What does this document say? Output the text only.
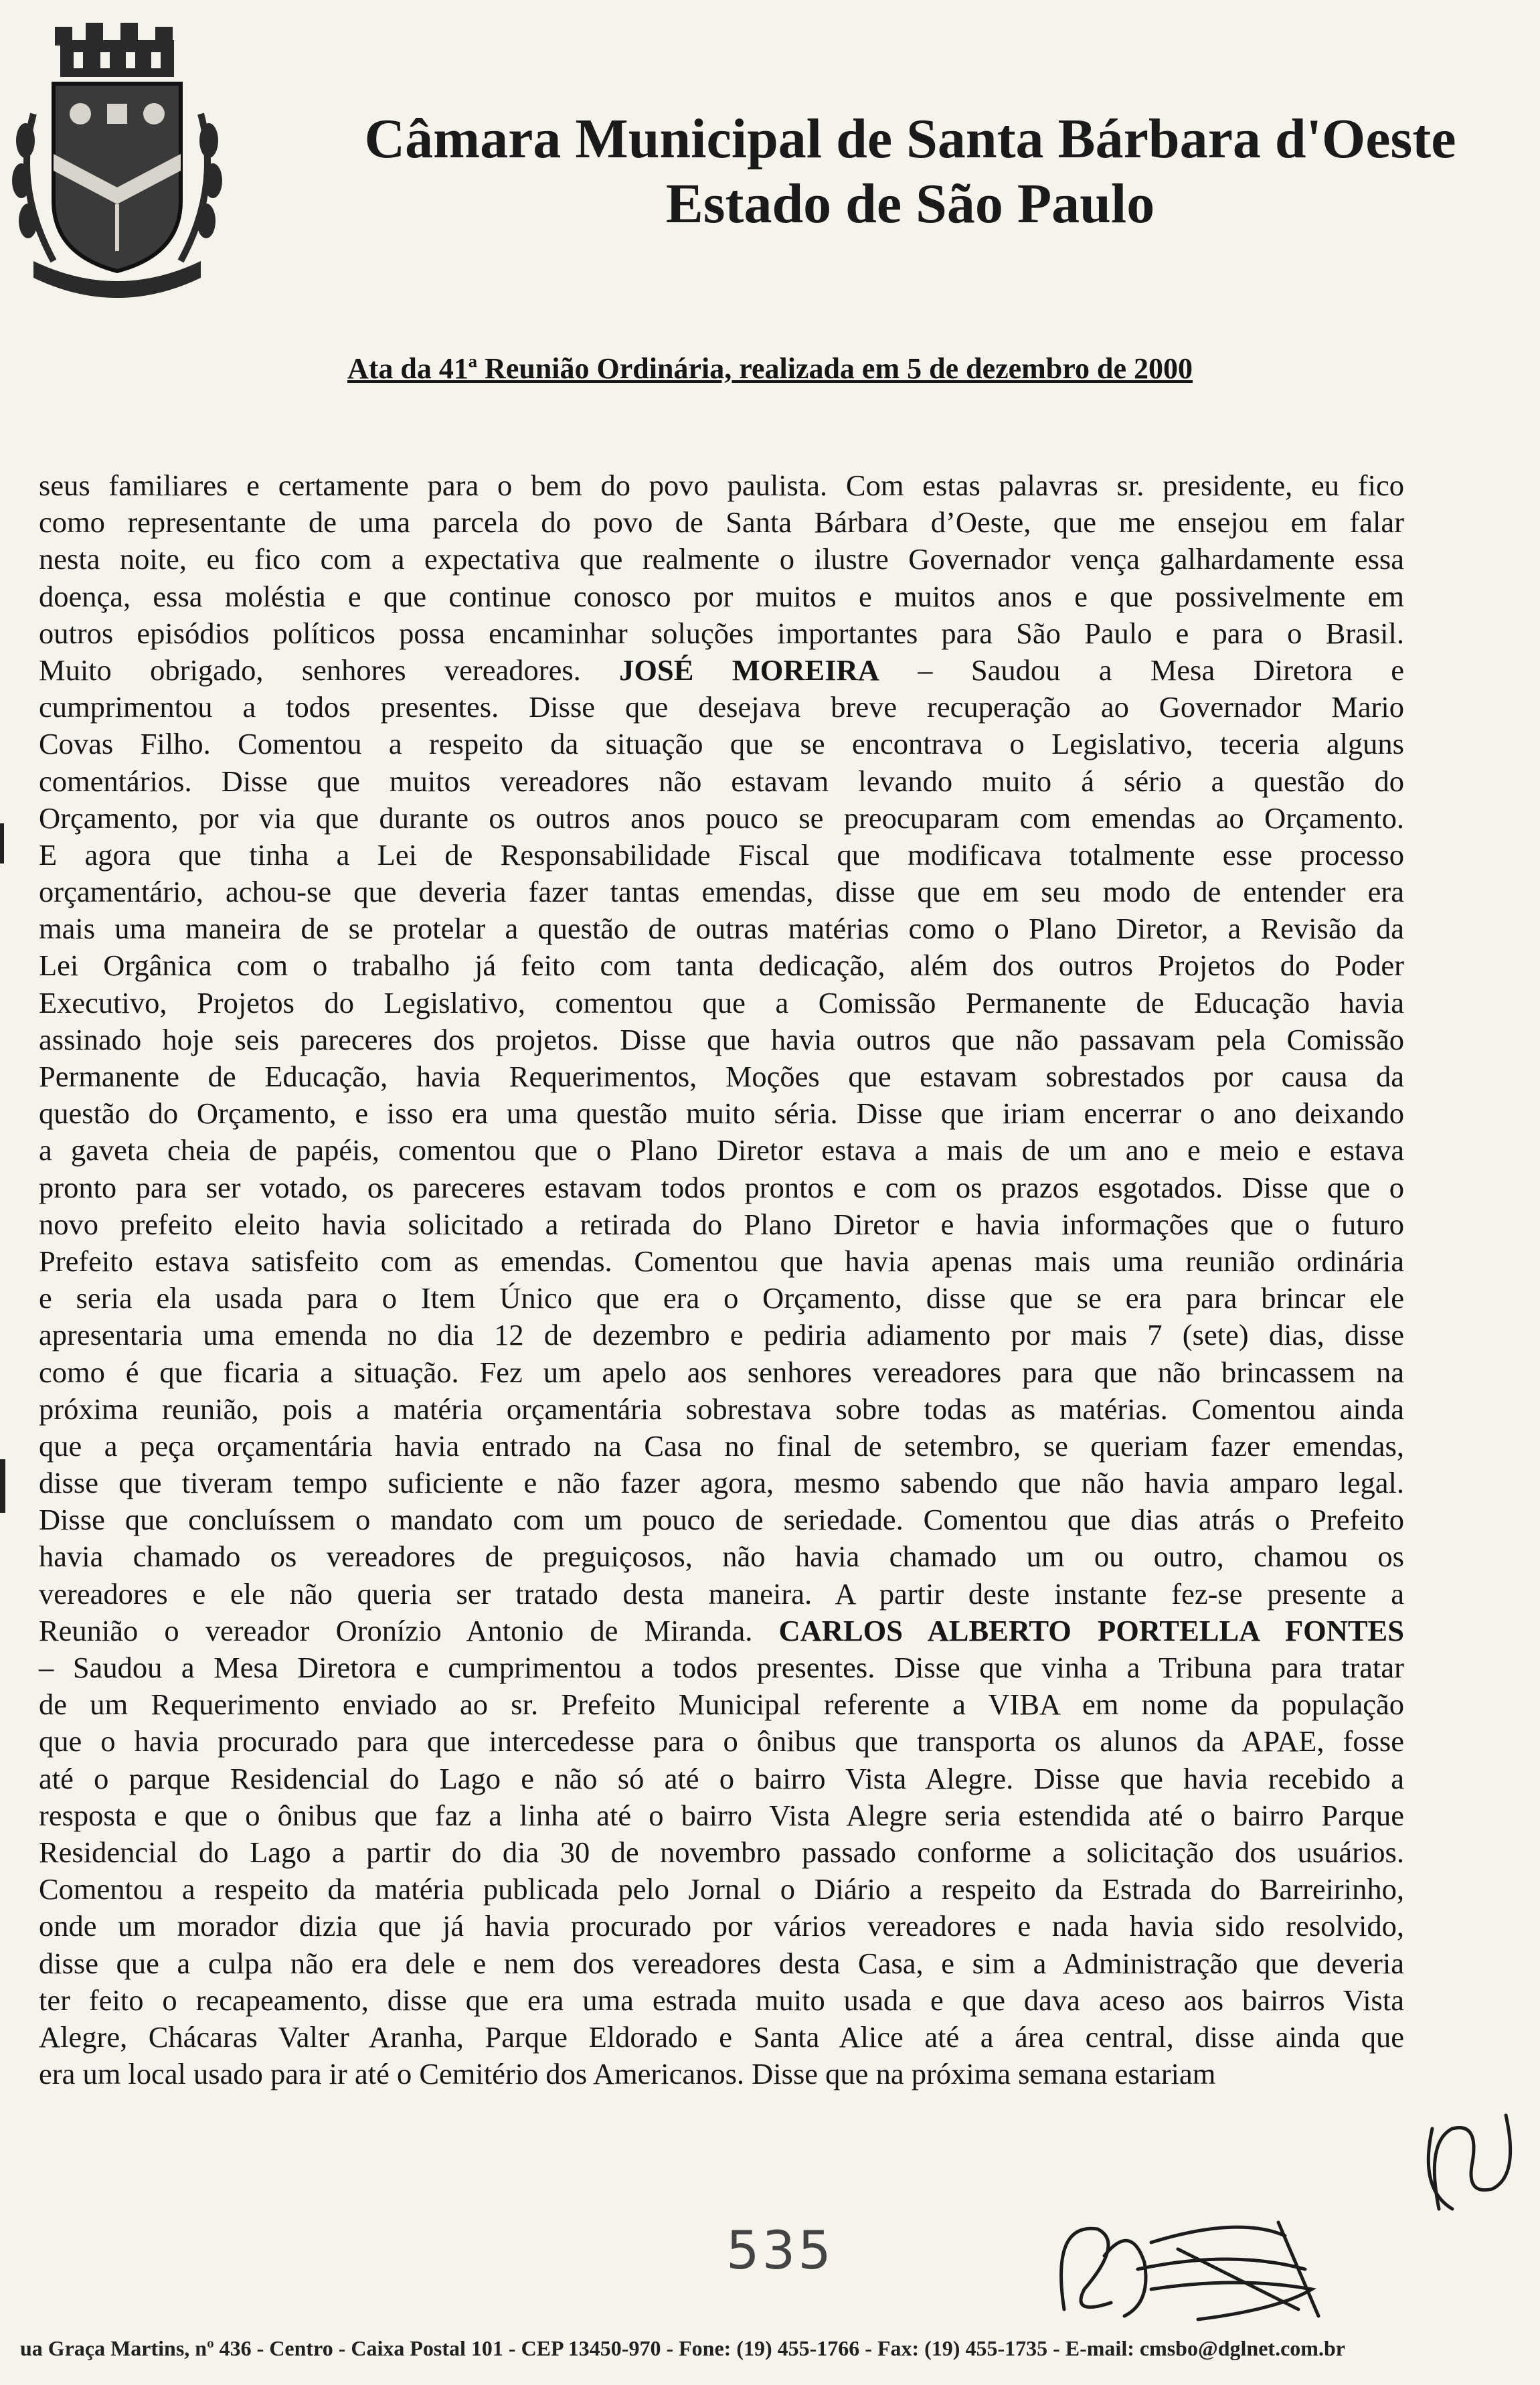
Câmara Municipal de Santa Bárbara d'Oeste
Estado de São Paulo
Ata da 41ª Reunião Ordinária, realizada em 5 de dezembro de 2000
seus familiares e certamente para o bem do povo paulista. Com estas palavras sr. presidente, eu fico
como representante de uma parcela do povo de Santa Bárbara d’Oeste, que me ensejou em falar
nesta noite, eu fico com a expectativa que realmente o ilustre Governador vença galhardamente essa
doença, essa moléstia e que continue conosco por muitos e muitos anos e que possivelmente em
outros episódios políticos possa encaminhar soluções importantes para São Paulo e para o Brasil.
Muito obrigado, senhores vereadores. JOSÉ MOREIRA – Saudou a Mesa Diretora e
cumprimentou a todos presentes. Disse que desejava breve recuperação ao Governador Mario
Covas Filho. Comentou a respeito da situação que se encontrava o Legislativo, teceria alguns
comentários. Disse que muitos vereadores não estavam levando muito á sério a questão do
Orçamento, por via que durante os outros anos pouco se preocuparam com emendas ao Orçamento.
E agora que tinha a Lei de Responsabilidade Fiscal que modificava totalmente esse processo
orçamentário, achou-se que deveria fazer tantas emendas, disse que em seu modo de entender era
mais uma maneira de se protelar a questão de outras matérias como o Plano Diretor, a Revisão da
Lei Orgânica com o trabalho já feito com tanta dedicação, além dos outros Projetos do Poder
Executivo, Projetos do Legislativo, comentou que a Comissão Permanente de Educação havia
assinado hoje seis pareceres dos projetos. Disse que havia outros que não passavam pela Comissão
Permanente de Educação, havia Requerimentos, Moções que estavam sobrestados por causa da
questão do Orçamento, e isso era uma questão muito séria. Disse que iriam encerrar o ano deixando
a gaveta cheia de papéis, comentou que o Plano Diretor estava a mais de um ano e meio e estava
pronto para ser votado, os pareceres estavam todos prontos e com os prazos esgotados. Disse que o
novo prefeito eleito havia solicitado a retirada do Plano Diretor e havia informações que o futuro
Prefeito estava satisfeito com as emendas. Comentou que havia apenas mais uma reunião ordinária
e seria ela usada para o Item Único que era o Orçamento, disse que se era para brincar ele
apresentaria uma emenda no dia 12 de dezembro e pediria adiamento por mais 7 (sete) dias, disse
como é que ficaria a situação. Fez um apelo aos senhores vereadores para que não brincassem na
próxima reunião, pois a matéria orçamentária sobrestava sobre todas as matérias. Comentou ainda
que a peça orçamentária havia entrado na Casa no final de setembro, se queriam fazer emendas,
disse que tiveram tempo suficiente e não fazer agora, mesmo sabendo que não havia amparo legal.
Disse que concluíssem o mandato com um pouco de seriedade. Comentou que dias atrás o Prefeito
havia chamado os vereadores de preguiçosos, não havia chamado um ou outro, chamou os
vereadores e ele não queria ser tratado desta maneira. A partir deste instante fez-se presente a
Reunião o vereador Oronízio Antonio de Miranda. CARLOS ALBERTO PORTELLA FONTES
– Saudou a Mesa Diretora e cumprimentou a todos presentes. Disse que vinha a Tribuna para tratar
de um Requerimento enviado ao sr. Prefeito Municipal referente a VIBA em nome da população
que o havia procurado para que intercedesse para o ônibus que transporta os alunos da APAE, fosse
até o parque Residencial do Lago e não só até o bairro Vista Alegre. Disse que havia recebido a
resposta e que o ônibus que faz a linha até o bairro Vista Alegre seria estendida até o bairro Parque
Residencial do Lago a partir do dia 30 de novembro passado conforme a solicitação dos usuários.
Comentou a respeito da matéria publicada pelo Jornal o Diário a respeito da Estrada do Barreirinho,
onde um morador dizia que já havia procurado por vários vereadores e nada havia sido resolvido,
disse que a culpa não era dele e nem dos vereadores desta Casa, e sim a Administração que deveria
ter feito o recapeamento, disse que era uma estrada muito usada e que dava aceso aos bairros Vista
Alegre, Chácaras Valter Aranha, Parque Eldorado e Santa Alice até a área central, disse ainda que
era um local usado para ir até o Cemitério dos Americanos. Disse que na próxima semana estariam
535
ua Graça Martins, nº 436 - Centro - Caixa Postal 101 - CEP 13450-970 - Fone: (19) 455-1766 - Fax: (19) 455-1735 - E-mail: cmsbo@dglnet.com.br
